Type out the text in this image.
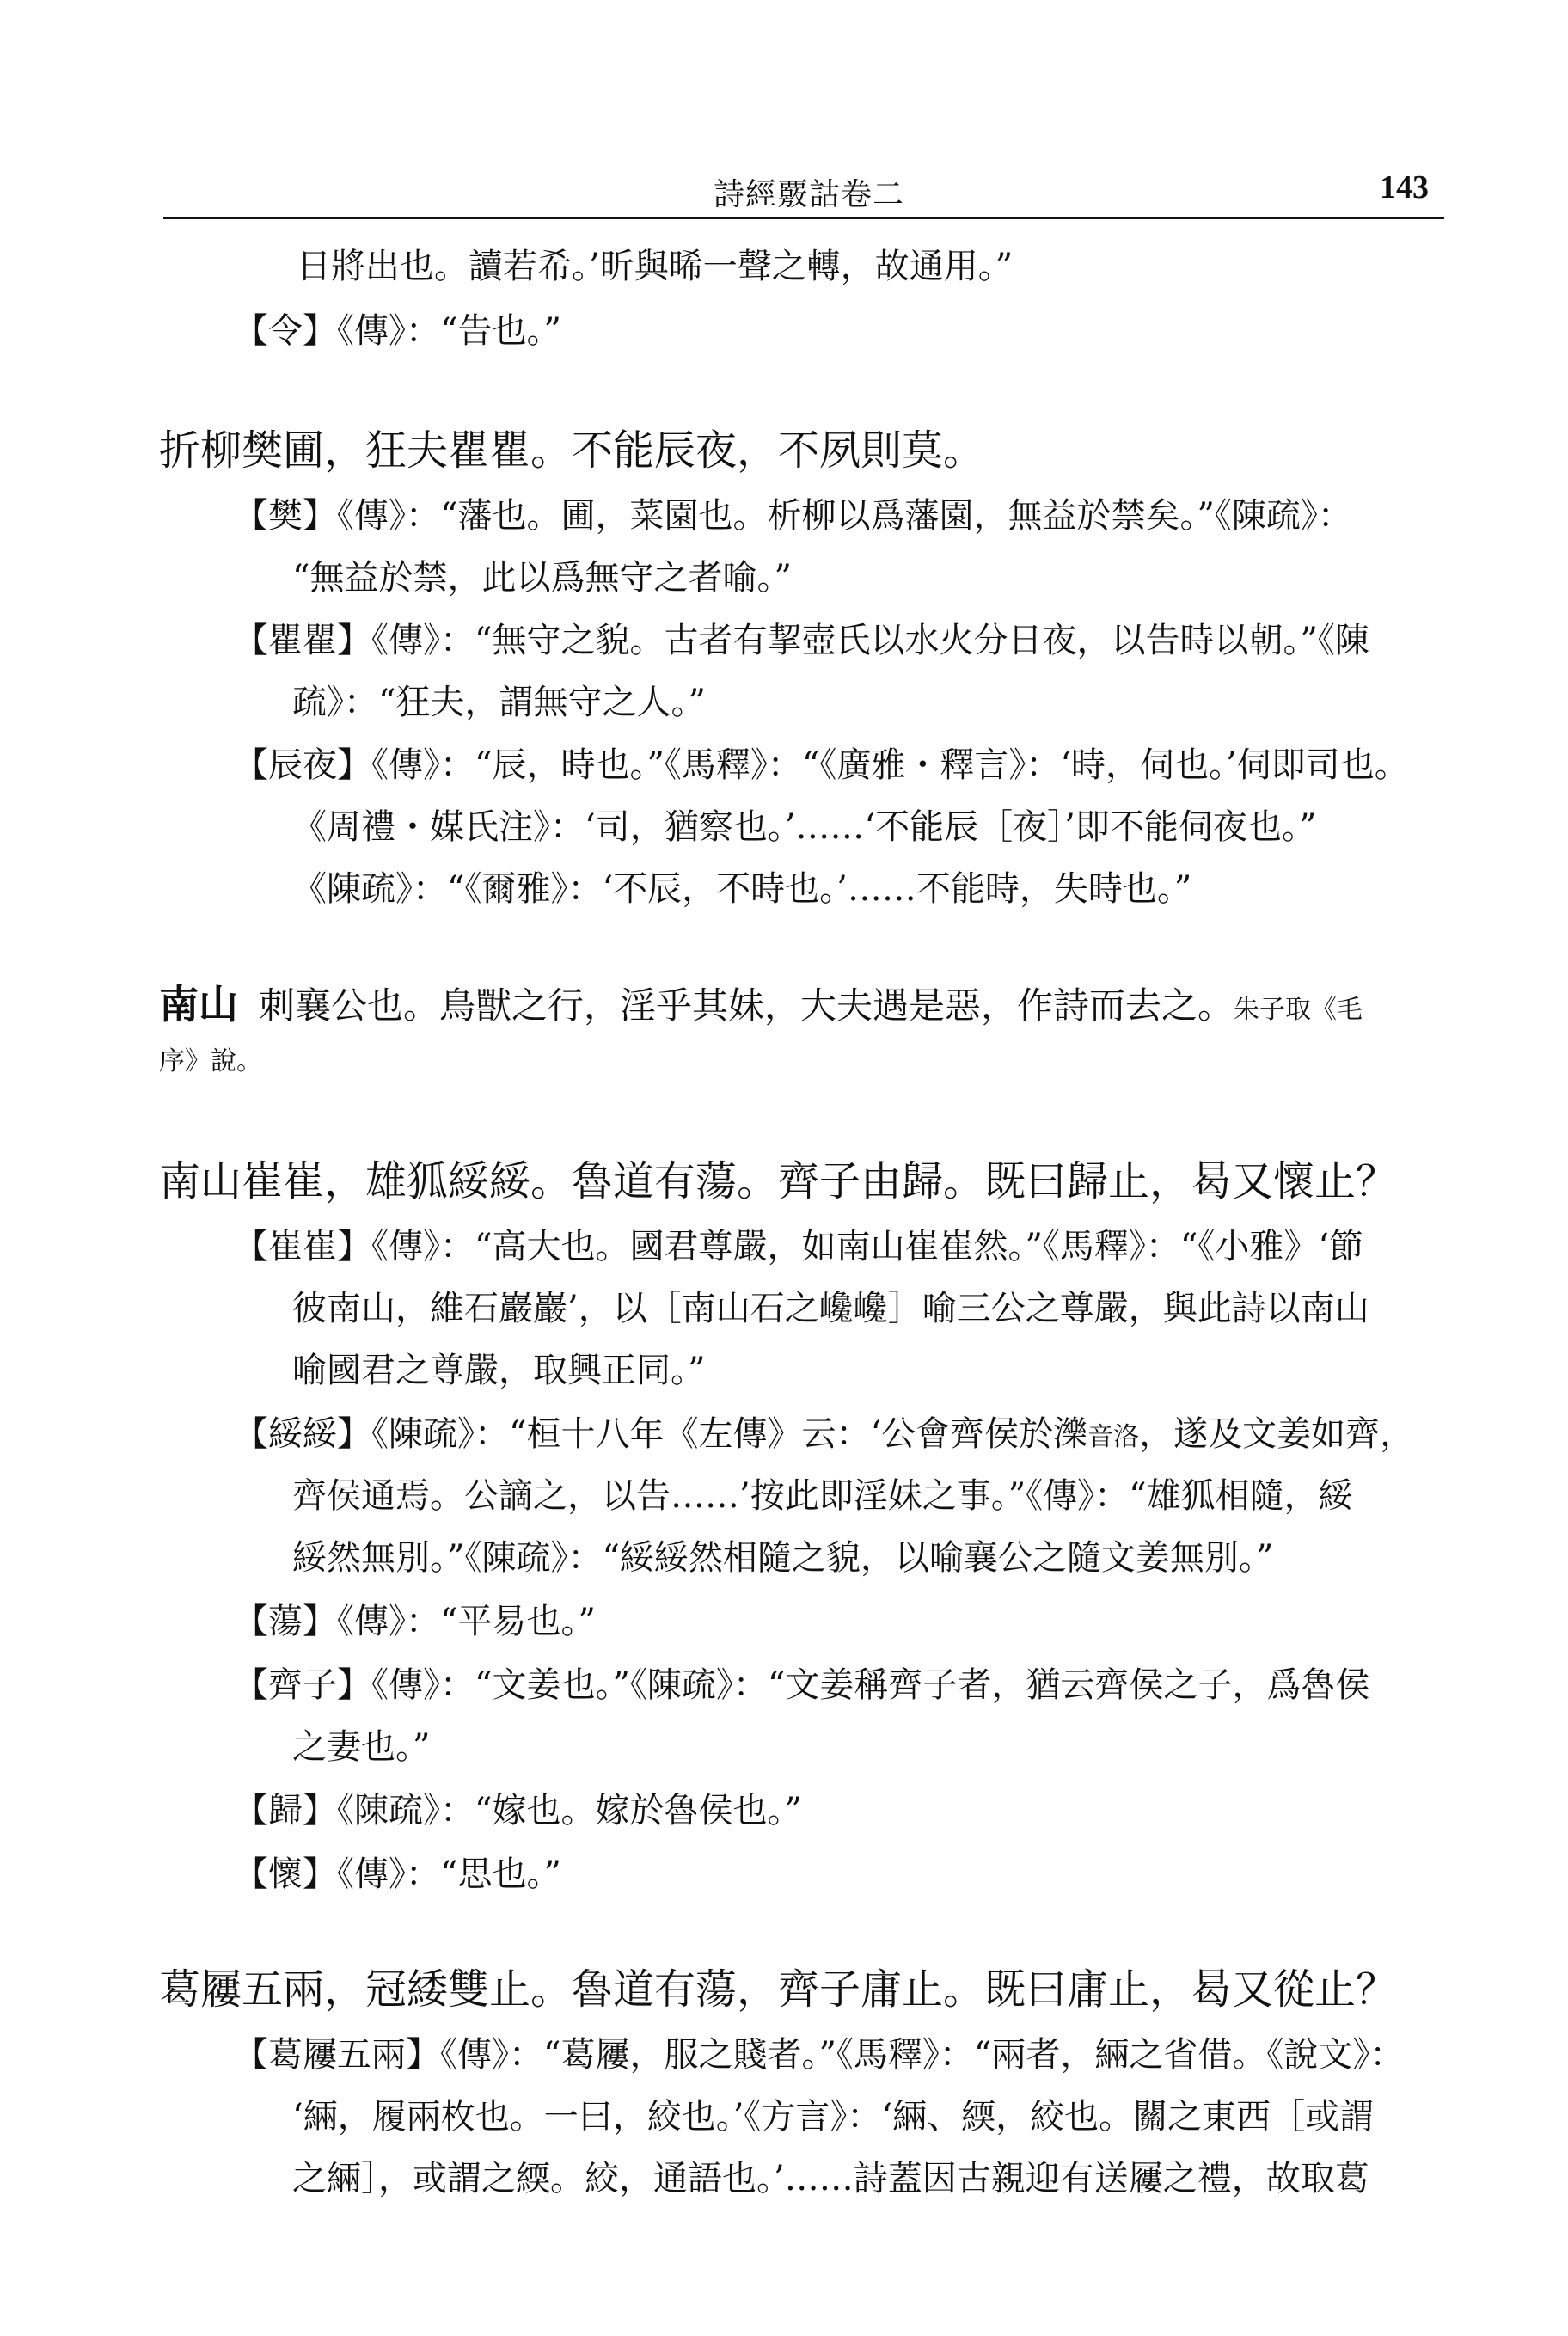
詩經覈詁卷二	143
日將出也。讀若希。’昕與晞一聲之轉，故通用。”
【令】《傳》：“告也。”
折柳樊圃，狂夫瞿瞿。不能辰夜，不夙則莫。
【樊】《傳》：“藩也。圃，菜園也。析柳以爲藩園，無益於禁矣。”《陳疏》：
“無益於禁，此以爲無守之者喻。”
【瞿瞿】《傳》：“無守之貌。古者有挈壺氏以水火分日夜，以告時以朝。”《陳
疏》：“狂夫，謂無守之人。”
【辰夜】《傳》：“辰，時也。”《馬釋》：“《廣雅・釋言》：‘時，伺也。’伺即司也。
《周禮・媒氏注》：‘司，猶察也。’……‘不能辰［夜］’即不能伺夜也。”
《陳疏》：“《爾雅》：‘不辰，不時也。’……不能時，失時也。”
南山 刺襄公也。鳥獸之行，淫乎其妹，大夫遇是惡，作詩而去之。朱子取《毛
序》說。
南山崔崔，雄狐綏綏。魯道有蕩。齊子由歸。既曰歸止，曷又懷止？
【崔崔】《傳》：“高大也。國君尊嚴，如南山崔崔然。”《馬釋》：“《小雅》‘節
彼南山，維石巖巖’，以［南山石之巉巉］喻三公之尊嚴，與此詩以南山
喻國君之尊嚴，取興正同。”
【綏綏】《陳疏》：“桓十八年《左傳》云：‘公會齊侯於濼音洛，遂及文姜如齊，
齊侯通焉。公謫之，以告……’按此即淫妹之事。”《傳》：“雄狐相隨，綏
綏然無別。”《陳疏》：“綏綏然相隨之貌，以喻襄公之隨文姜無別。”
【蕩】《傳》：“平易也。”
【齊子】《傳》：“文姜也。”《陳疏》：“文姜稱齊子者，猶云齊侯之子，爲魯侯
之妻也。”
【歸】《陳疏》：“嫁也。嫁於魯侯也。”
【懷】《傳》：“思也。”
葛屨五兩，冠緌雙止。魯道有蕩，齊子庸止。既曰庸止，曷又從止？
【葛屨五兩】《傳》：“葛屨，服之賤者。”《馬釋》：“兩者，緉之省借。《說文》：
‘緉，履兩枚也。一曰，絞也。’《方言》：‘緉、緛，絞也。關之東西［或謂
之緉］，或謂之緛。絞，通語也。’……詩蓋因古親迎有送屨之禮，故取葛
